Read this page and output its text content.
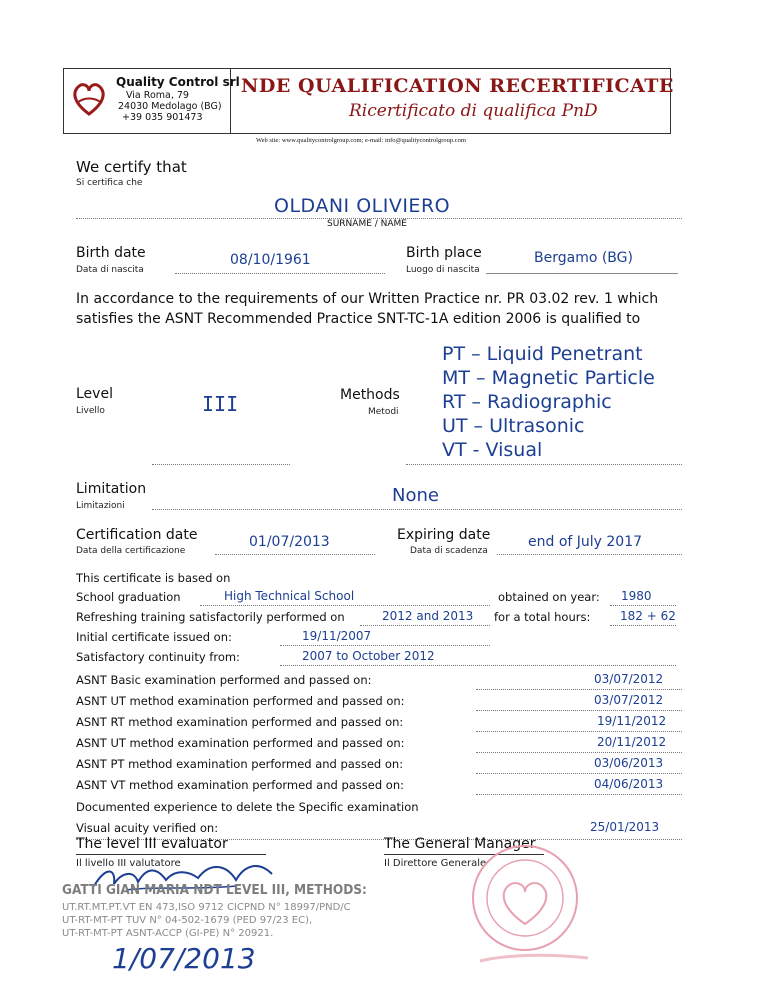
Quality Control srl
Via Roma, 79
24030 Medolago (BG)
+39 035 901473
NDE QUALIFICATION RECERTIFICATE
Ricertificato di qualifica PnD
Web site: www.qualitycontrolgroup.com; e-mail: info@qualitycontrolgroup.com
We certify that
Si certifica che
OLDANI OLIVIERO
SURNAME / NAME
Birth date
Data di nascita
08/10/1961	Birth place
Luogo di nascita
Bergamo (BG)
In accordance to the requirements of our Written Practice nr. PR 03.02 rev. 1 which
satisfies the ASNT Recommended Practice SNT-TC-1A edition 2006 is qualified to
Level
Livello	III	Methods
Metodi
PT – Liquid Penetrant
MT – Magnetic Particle
RT – Radiographic
UT – Ultrasonic
VT - Visual
Limitation
Limitazioni	None
Certification date
Data della certificazione
01/07/2013	Expiring date
Data di scadenza
end of July 2017
This certificate is based on
School graduation	High Technical School	obtained on year: 1980
Refreshing training satisfactorily performed on	2012 and 2013 for a total hours: 182 + 62
Initial certificate issued on:	19/11/2007
Satisfactory continuity from:	2007 to October 2012
ASNT Basic examination performed and passed on:	03/07/2012
ASNT UT method examination performed and passed on:	03/07/2012
ASNT RT method examination performed and passed on:	19/11/2012
ASNT UT method examination performed and passed on:	20/11/2012
ASNT PT method examination performed and passed on:	03/06/2013
ASNT VT method examination performed and passed on:	04/06/2013
Documented experience to delete the Specific examination
Visual acuity verified on:	25/01/2013
The level III evaluator
Il livello III valutatore
GATTI GIAN MARIA NDT LEVEL III, METHODS:
UT.RT.MT.PT.VT EN 473,ISO 9712 CICPND N° 18997/PND/C
UT-RT-MT-PT TUV N° 04-502-1679 (PED 97/23 EC),
UT-RT-MT-PT ASNT-ACCP (GI-PE) N° 20921.
1/07/2013
The General Manager
Il Direttore Generale
